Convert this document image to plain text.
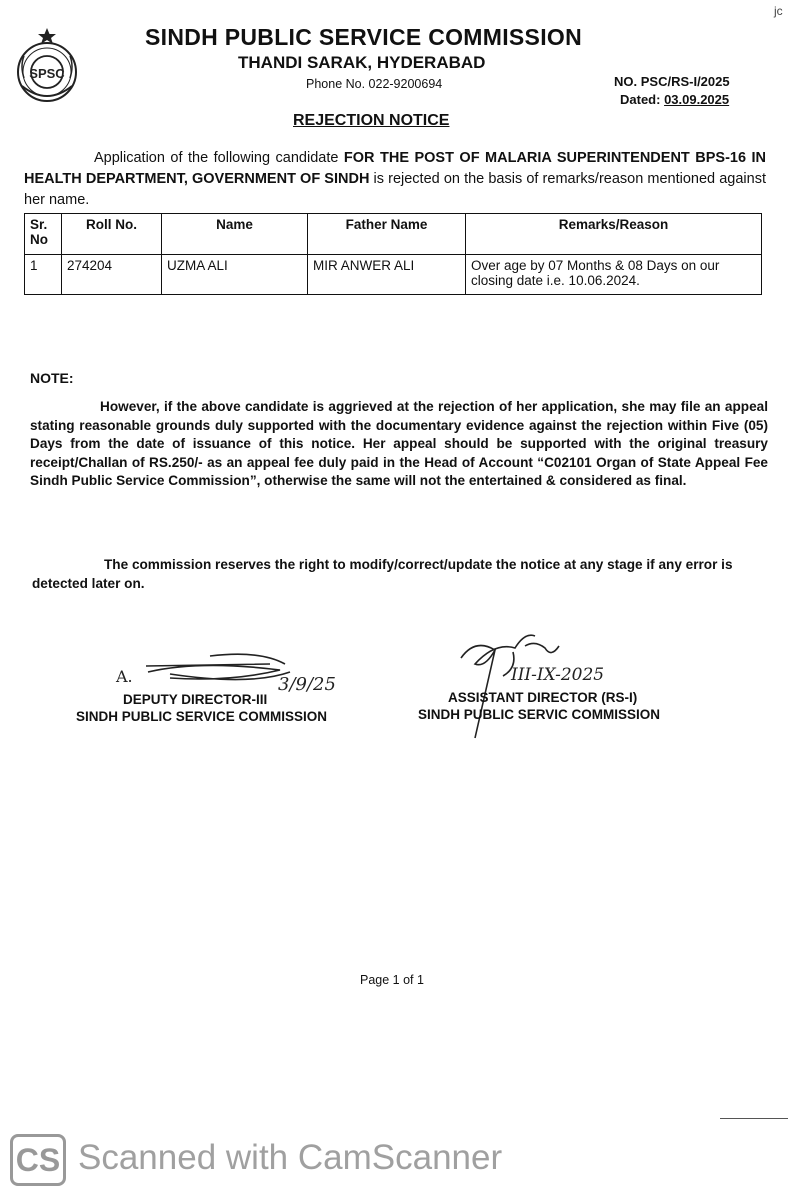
jc
SPSC
SINDH PUBLIC SERVICE COMMISSION
THANDI SARAK, HYDERABAD
Phone No. 022-9200694	NO. PSC/RS-I/2025
Dated: 03.09.2025
REJECTION NOTICE
Application of the following candidate FOR THE POST OF MALARIA SUPERINTENDENT BPS-16 IN HEALTH DEPARTMENT, GOVERNMENT OF SINDH is rejected on the basis of remarks/reason mentioned against her name.
Sr. No	Roll No.	Name	Father Name	Remarks/Reason
1	274204	UZMA ALI	MIR ANWER ALI	Over age by 07 Months & 08 Days on our closing date i.e. 10.06.2024.
NOTE:
However, if the above candidate is aggrieved at the rejection of her application, she may file an appeal stating reasonable grounds duly supported with the documentary evidence against the rejection within Five (05) Days from the date of issuance of this notice. Her appeal should be supported with the original treasury receipt/Challan of RS.250/- as an appeal fee duly paid in the Head of Account “C02101 Organ of State Appeal Fee Sindh Public Service Commission”, otherwise the same will not the entertained & considered as final.
The commission reserves the right to modify/correct/update the notice at any stage if any error is detected later on.
A.	3/9/25
DEPUTY DIRECTOR-III
SINDH PUBLIC SERVICE COMMISSION
III-IX-2025
ASSISTANT DIRECTOR (RS-I)
SINDH PUBLIC SERVIC COMMISSION
Page 1 of 1
CS Scanned with CamScanner
